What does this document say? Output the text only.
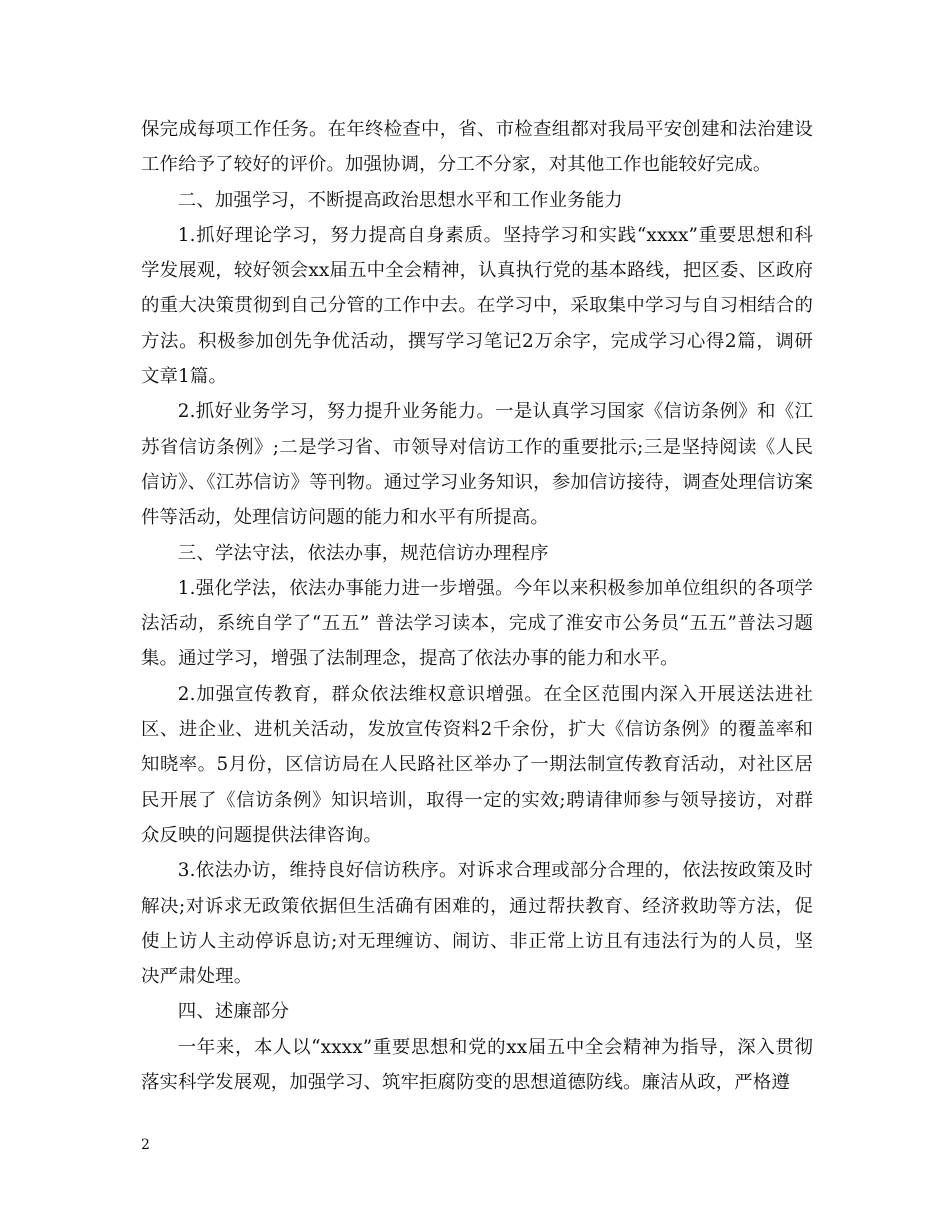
保完成每项工作任务。在年终检查中，省、市检查组都对我局平安创建和法治建设工作给予了较好的评价。加强协调，分工不分家，对其他工作也能较好完成。

二、加强学习，不断提高政治思想水平和工作业务能力

1.抓好理论学习，努力提高自身素质。坚持学习和实践“xxxx”重要思想和科学发展观，较好领会xx届五中全会精神，认真执行党的基本路线，把区委、区政府的重大决策贯彻到自己分管的工作中去。在学习中，采取集中学习与自习相结合的方法。积极参加创先争优活动，撰写学习笔记2万余字，完成学习心得2篇，调研文章1篇。

2.抓好业务学习，努力提升业务能力。一是认真学习国家《信访条例》和《江苏省信访条例》;二是学习省、市领导对信访工作的重要批示;三是坚持阅读《人民信访》、《江苏信访》等刊物。通过学习业务知识，参加信访接待，调查处理信访案件等活动，处理信访问题的能力和水平有所提高。

三、学法守法，依法办事，规范信访办理程序

1.强化学法，依法办事能力进一步增强。今年以来积极参加单位组织的各项学法活动，系统自学了“五五” 普法学习读本，完成了淮安市公务员“五五”普法习题集。通过学习，增强了法制理念，提高了依法办事的能力和水平。

2.加强宣传教育，群众依法维权意识增强。在全区范围内深入开展送法进社区、进企业、进机关活动，发放宣传资料2千余份，扩大《信访条例》的覆盖率和知晓率。5月份，区信访局在人民路社区举办了一期法制宣传教育活动，对社区居民开展了《信访条例》知识培训，取得一定的实效;聘请律师参与领导接访，对群众反映的问题提供法律咨询。

3.依法办访，维持良好信访秩序。对诉求合理或部分合理的，依法按政策及时解决;对诉求无政策依据但生活确有困难的，通过帮扶教育、经济救助等方法，促使上访人主动停诉息访;对无理缠访、闹访、非正常上访且有违法行为的人员，坚决严肃处理。

四、述廉部分

一年来，本人以“xxxx”重要思想和党的xx届五中全会精神为指导，深入贯彻落实科学发展观，加强学习、筑牢拒腐防变的思想道德防线。廉洁从政，严格遵

2
